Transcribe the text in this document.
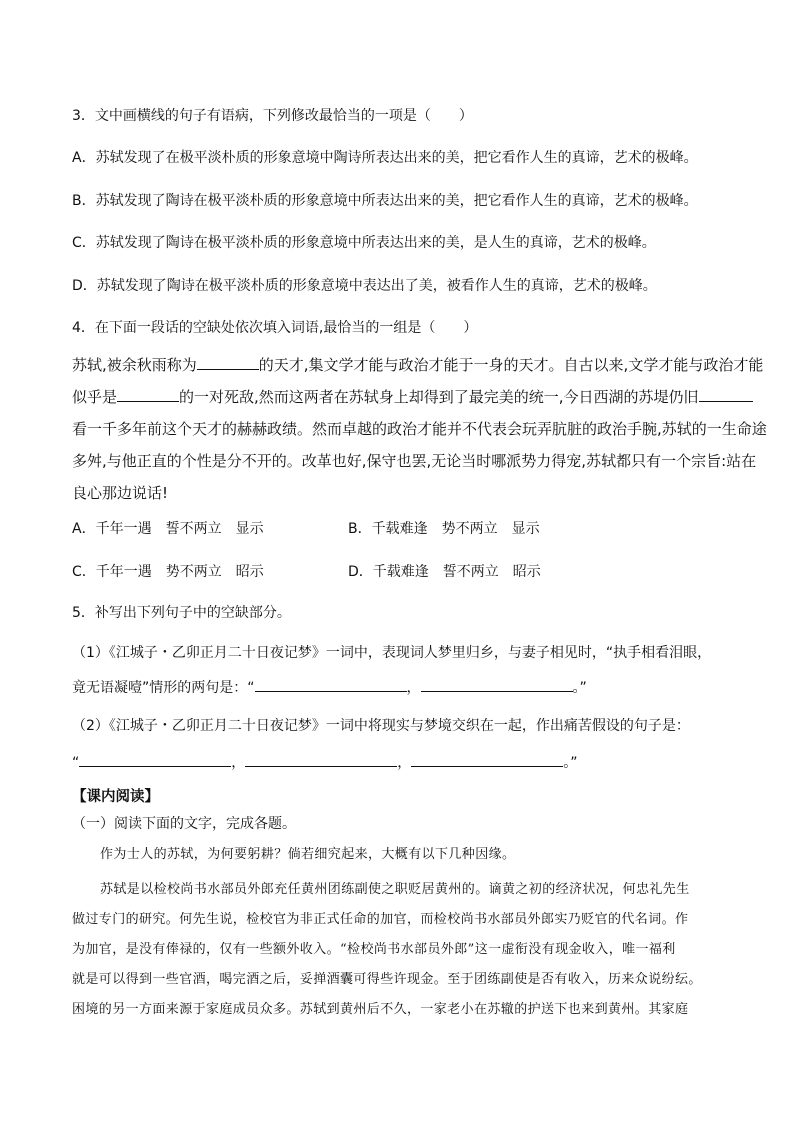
3．文中画横线的句子有语病，下列修改最恰当的一项是（　　）
A．苏轼发现了在极平淡朴质的形象意境中陶诗所表达出来的美，把它看作人生的真谛，艺术的极峰。
B．苏轼发现了陶诗在极平淡朴质的形象意境中所表达出来的美，把它看作人生的真谛，艺术的极峰。
C．苏轼发现了陶诗在极平淡朴质的形象意境中所表达出来的美，是人生的真谛，艺术的极峰。
D．苏轼发现了陶诗在极平淡朴质的形象意境中表达出了美，被看作人生的真谛，艺术的极峰。
4．在下面一段话的空缺处依次填入词语,最恰当的一组是（　　）
苏轼,被余秋雨称为	的天才,集文学才能与政治才能于一身的天才。自古以来,文学才能与政治才能
似乎是	的一对死敌,然而这两者在苏轼身上却得到了最完美的统一,今日西湖的苏堤仍旧
看一千多年前这个天才的赫赫政绩。然而卓越的政治才能并不代表会玩弄肮脏的政治手腕,苏轼的一生命途
多舛,与他正直的个性是分不开的。改革也好,保守也罢,无论当时哪派势力得宠,苏轼都只有一个宗旨:站在
良心那边说话!
A．千年一遇　誓不两立　显示	B．千载难逢　势不两立　显示
C．千年一遇　势不两立　昭示	D．千载难逢　誓不两立　昭示
5．补写出下列句子中的空缺部分。
（1）《江城子・乙卯正月二十日夜记梦》一词中，表现词人梦里归乡，与妻子相见时，“执手相看泪眼，
竟无语凝噎”情形的两句是：“	，	。”
（2）《江城子・乙卯正月二十日夜记梦》一词中将现实与梦境交织在一起，作出痛苦假设的句子是：
“	，	，	。”
【课内阅读】
（一）阅读下面的文字，完成各题。
作为士人的苏轼，为何要躬耕？倘若细究起来，大概有以下几种因缘。
苏轼是以检校尚书水部员外郎充任黄州团练副使之职贬居黄州的。谪黄之初的经济状况，何忠礼先生
做过专门的研究。何先生说，检校官为非正式任命的加官，而检校尚书水部员外郎实乃贬官的代名词。作
为加官，是没有俸禄的，仅有一些额外收入。“检校尚书水部员外郎”这一虚衔没有现金收入，唯一福利
就是可以得到一些官酒，喝完酒之后，妥掸酒囊可得些许现金。至于团练副使是否有收入，历来众说纷纭。
困境的另一方面来源于家庭成员众多。苏轼到黄州后不久，一家老小在苏辙的护送下也来到黄州。其家庭
